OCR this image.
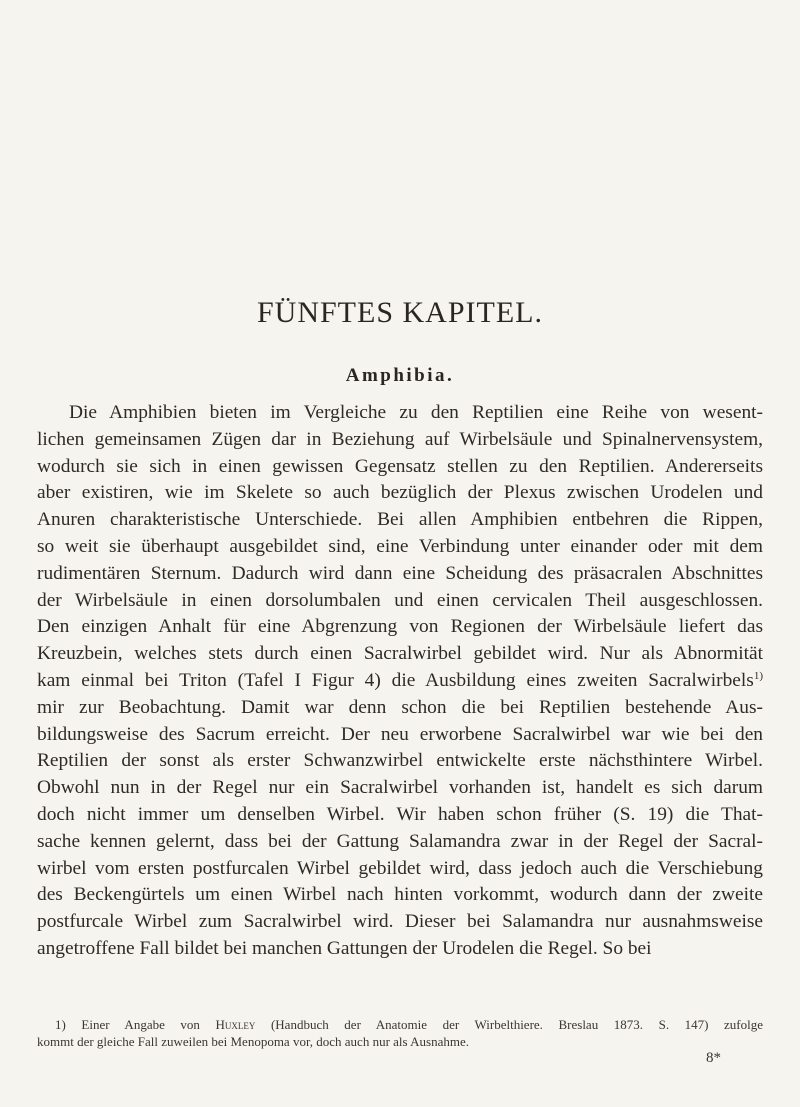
FÜNFTES KAPITEL.
Amphibia.
Die Amphibien bieten im Vergleiche zu den Reptilien eine Reihe von wesent-
lichen gemeinsamen Zügen dar in Beziehung auf Wirbelsäule und Spinalnervensystem,
wodurch sie sich in einen gewissen Gegensatz stellen zu den Reptilien. Andererseits
aber existiren, wie im Skelete so auch bezüglich der Plexus zwischen Urodelen und
Anuren charakteristische Unterschiede. Bei allen Amphibien entbehren die Rippen,
so weit sie überhaupt ausgebildet sind, eine Verbindung unter einander oder mit dem
rudimentären Sternum. Dadurch wird dann eine Scheidung des präsacralen Abschnittes
der Wirbelsäule in einen dorsolumbalen und einen cervicalen Theil ausgeschlossen.
Den einzigen Anhalt für eine Abgrenzung von Regionen der Wirbelsäule liefert das
Kreuzbein, welches stets durch einen Sacralwirbel gebildet wird. Nur als Abnormität
kam einmal bei Triton (Tafel I Figur 4) die Ausbildung eines zweiten Sacralwirbels$^{1)}$
mir zur Beobachtung. Damit war denn schon die bei Reptilien bestehende Aus-
bildungsweise des Sacrum erreicht. Der neu erworbene Sacralwirbel war wie bei den
Reptilien der sonst als erster Schwanzwirbel entwickelte erste nächsthintere Wirbel.
Obwohl nun in der Regel nur ein Sacralwirbel vorhanden ist, handelt es sich darum
doch nicht immer um denselben Wirbel. Wir haben schon früher (S. 19) die That-
sache kennen gelernt, dass bei der Gattung Salamandra zwar in der Regel der Sacral-
wirbel vom ersten postfurcalen Wirbel gebildet wird, dass jedoch auch die Verschiebung
des Beckengürtels um einen Wirbel nach hinten vorkommt, wodurch dann der zweite
postfurcale Wirbel zum Sacralwirbel wird. Dieser bei Salamandra nur ausnahmsweise
angetroffene Fall bildet bei manchen Gattungen der Urodelen die Regel. So bei
1) Einer Angabe von Huxley (Handbuch der Anatomie der Wirbelthiere. Breslau 1873. S. 147) zufolge
kommt der gleiche Fall zuweilen bei Menopoma vor, doch auch nur als Ausnahme.
8*
